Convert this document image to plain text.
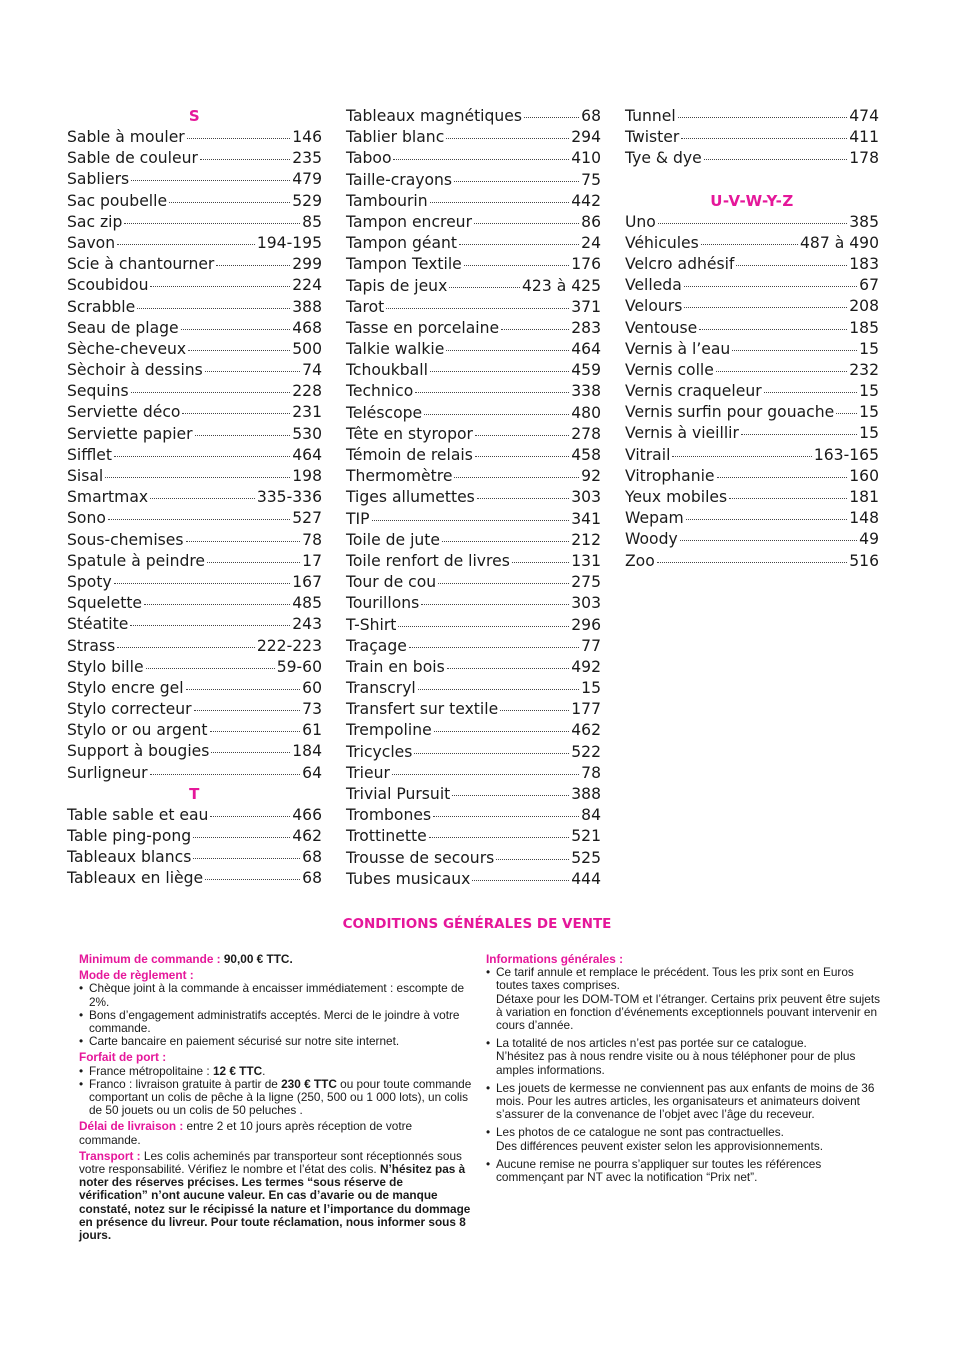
S
Sable à mouler	146
Sable de couleur	235
Sabliers	479
Sac poubelle	529
Sac zip	85
Savon	194-195
Scie à chantourner	299
Scoubidou	224
Scrabble	388
Seau de plage	468
Sèche-cheveux	500
Sèchoir à dessins	74
Sequins	228
Serviette déco	231
Serviette papier	530
Sifflet	464
Sisal	198
Smartmax	335-336
Sono	527
Sous-chemises	78
Spatule à peindre	17
Spoty	167
Squelette	485
Stéatite	243
Strass	222-223
Stylo bille	59-60
Stylo encre gel	60
Stylo correcteur	73
Stylo or ou argent	61
Support à bougies	184
Surligneur	64
T
Table sable et eau	466
Table ping-pong	462
Tableaux blancs	68
Tableaux en liège	68
Tableaux magnétiques	68
Tablier blanc	294
Taboo	410
Taille-crayons	75
Tambourin	442
Tampon encreur	86
Tampon géant	24
Tampon Textile	176
Tapis de jeux	423 à 425
Tarot	371
Tasse en porcelaine	283
Talkie walkie	464
Tchoukball	459
Technico	338
Teléscope	480
Tête en styropor	278
Témoin de relais	458
Thermomètre	92
Tiges allumettes	303
TIP	341
Toile de jute	212
Toile renfort de livres	131
Tour de cou	275
Tourillons	303
T-Shirt	296
Traçage	77
Train en bois	492
Transcryl	15
Transfert sur textile	177
Trempoline	462
Tricycles	522
Trieur	78
Trivial Pursuit	388
Trombones	84
Trottinette	521
Trousse de secours	525
Tubes musicaux	444
Tunnel	474
Twister	411
Tye & dye	178
U-V-W-Y-Z
Uno	385
Véhicules	487 à 490
Velcro adhésif	183
Velleda	67
Velours	208
Ventouse	185
Vernis à l’eau	15
Vernis colle	232
Vernis craqueleur	15
Vernis surfin pour gouache 15
Vernis à vieillir	15
Vitrail	163-165
Vitrophanie	160
Yeux mobiles	181
Wepam	148
Woody	49
Zoo	516
CONDITIONS GÉNÉRALES DE VENTE

Minimum de commande : 90,00 € TTC.

Mode de règlement :

• Chèque joint à la commande à encaisser immédiatement : escompte de 2%.

• Bons d’engagement administratifs acceptés. Merci de le joindre à votre commande.

• Carte bancaire en paiement sécurisé sur notre site internet.

Forfait de port :

• France métropolitaine : 12 € TTC.

• Franco : livraison gratuite à partir de 230 € TTC ou pour toute commande comportant un colis de pêche à la ligne (250, 500 ou 1 000 lots), un colis de 50 jouets ou un colis de 50 peluches .

Délai de livraison : entre 2 et 10 jours après réception de votre commande.

Transport : Les colis acheminés par transporteur sont réceptionnés sous votre responsabilité. Vérifiez le nombre et l’état des colis. N’hésitez pas à noter des réserves précises. Les termes “sous réserve de vérification” n’ont aucune valeur. En cas d’avarie ou de manque constaté, notez sur le récipissé la nature et l’importance du dommage en présence du livreur. Pour toute réclamation, nous informer sous 8 jours.

Informations générales :

• Ce tarif annule et remplace le précédent. Tous les prix sont en Euros toutes taxes comprises.
Détaxe pour les DOM-TOM et l’étranger. Certains prix peuvent être sujets à variation en fonction d’événements exceptionnels pouvant intervenir en cours d’année.

• La totalité de nos articles n’est pas portée sur ce catalogue.
N’hésitez pas à nous rendre visite ou à nous téléphoner pour de plus amples informations.

• Les jouets de kermesse ne conviennent pas aux enfants de moins de 36 mois. Pour les autres articles, les organisateurs et animateurs doivent s’assurer de la convenance de l’objet avec l’âge du receveur.

• Les photos de ce catalogue ne sont pas contractuelles.
Des différences peuvent exister selon les approvisionnements.

• Aucune remise ne pourra s’appliquer sur toutes les références commençant par NT avec la notification “Prix net”.
